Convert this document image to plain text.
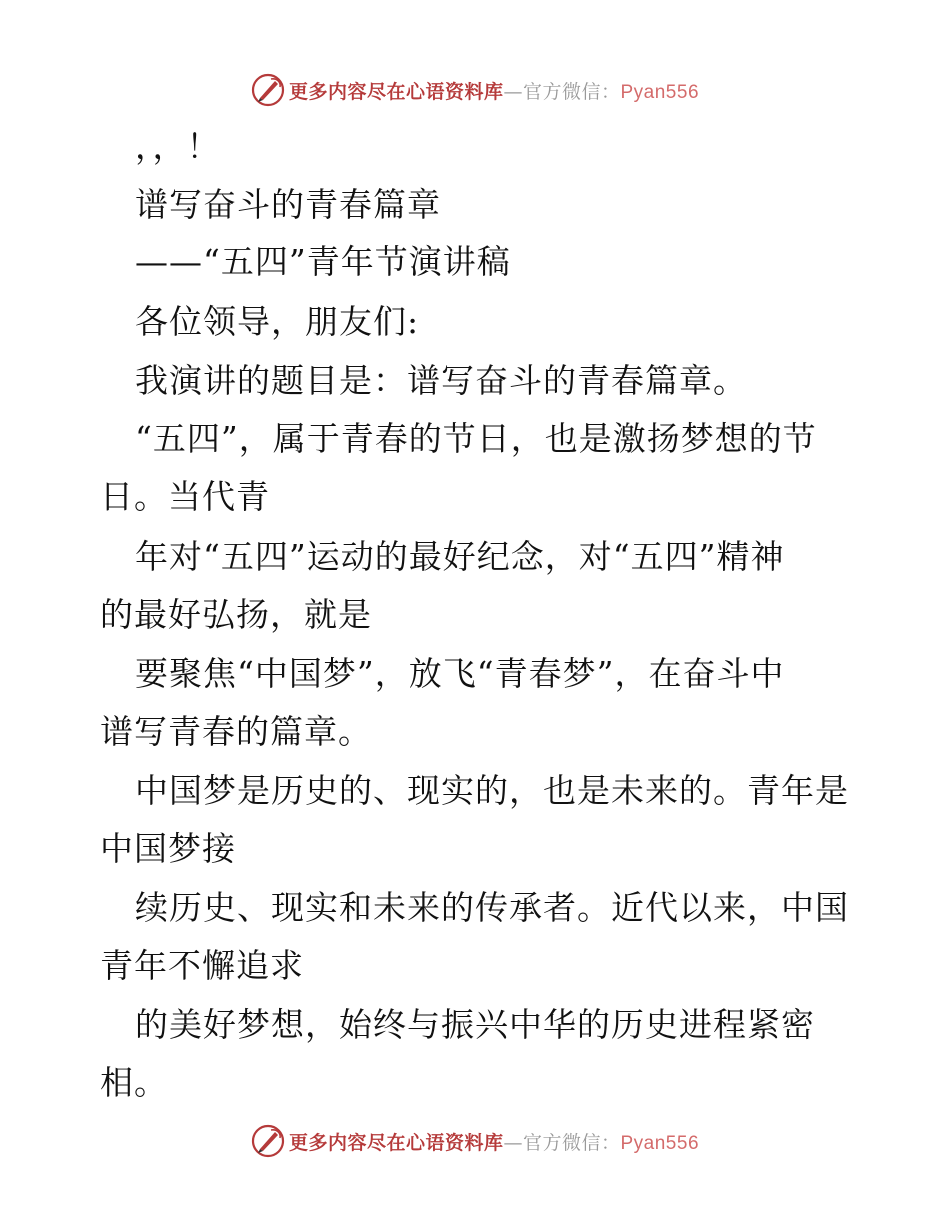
更多内容尽在心语资料库—官方微信：Pyan556
，，！
谱写奋斗的青春篇章
——“五四”青年节演讲稿
各位领导，朋友们:
我演讲的题目是：谱写奋斗的青春篇章。
“五四”，属于青春的节日，也是激扬梦想的节
日。当代青
年对“五四”运动的最好纪念，对“五四”精神
的最好弘扬，就是
要聚焦“中国梦”，放飞“青春梦”，在奋斗中
谱写青春的篇章。
中国梦是历史的、现实的，也是未来的。青年是
中国梦接
续历史、现实和未来的传承者。近代以来，中国
青年不懈追求
的美好梦想，始终与振兴中华的历史进程紧密
相。
更多内容尽在心语资料库—官方微信：Pyan556
